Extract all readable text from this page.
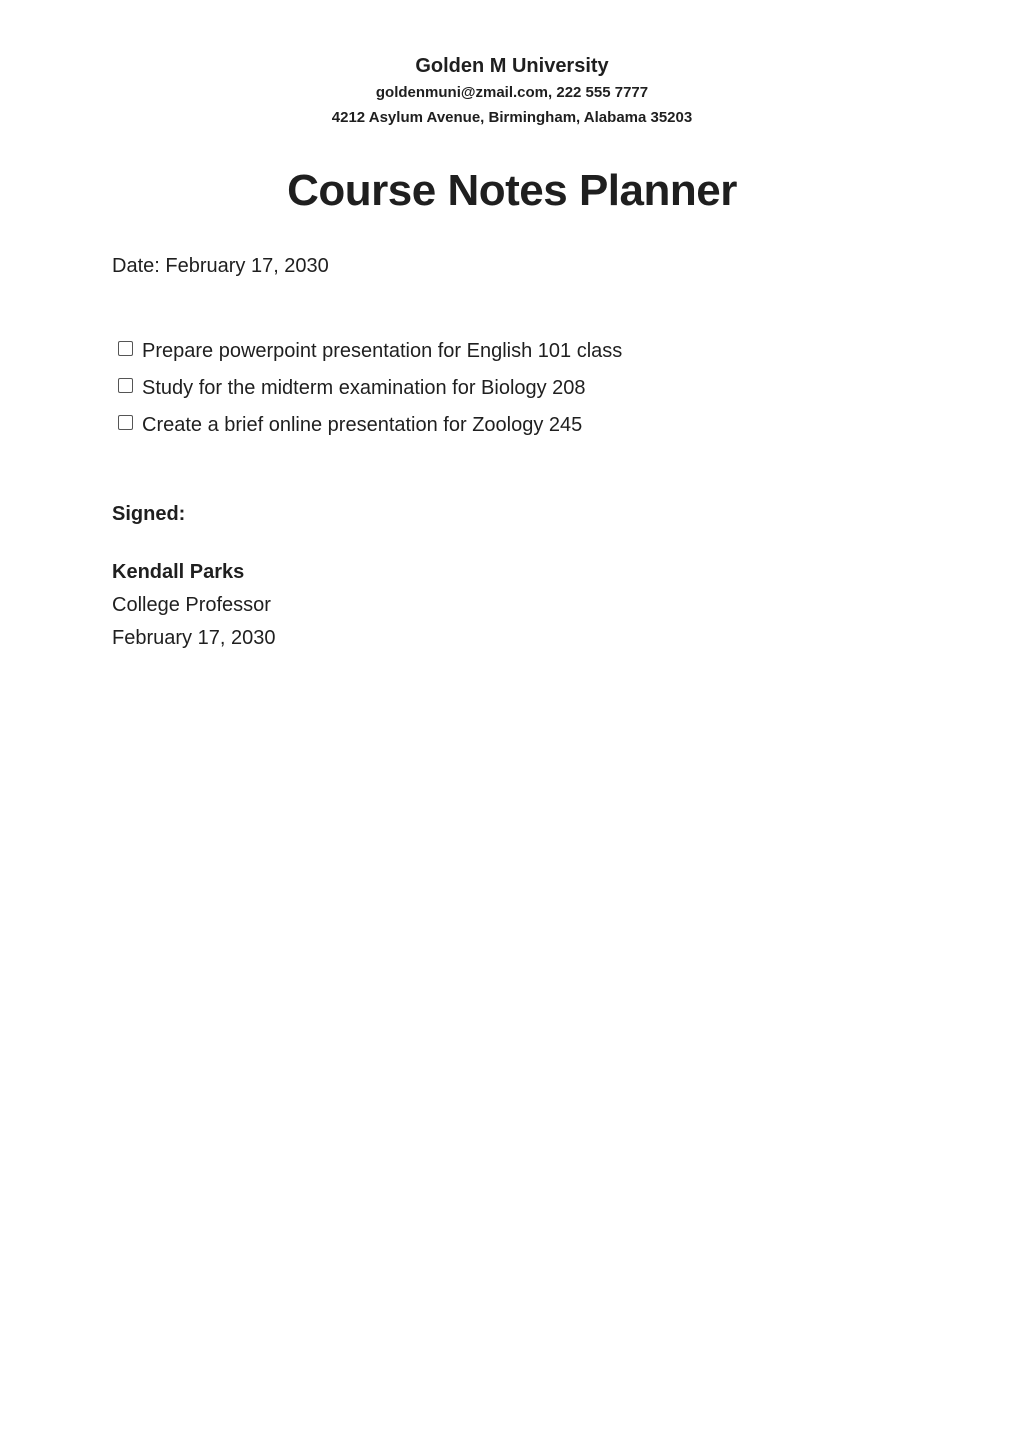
Golden M University

goldenmuni@zmail.com, 222 555 7777

4212 Asylum Avenue, Birmingham, Alabama 35203

Course Notes Planner
Date: February 17, 2030
Prepare powerpoint presentation for English 101 class
Study for the midterm examination for Biology 208
Create a brief online presentation for Zoology 245
Signed:

Kendall Parks

College Professor

February 17, 2030
